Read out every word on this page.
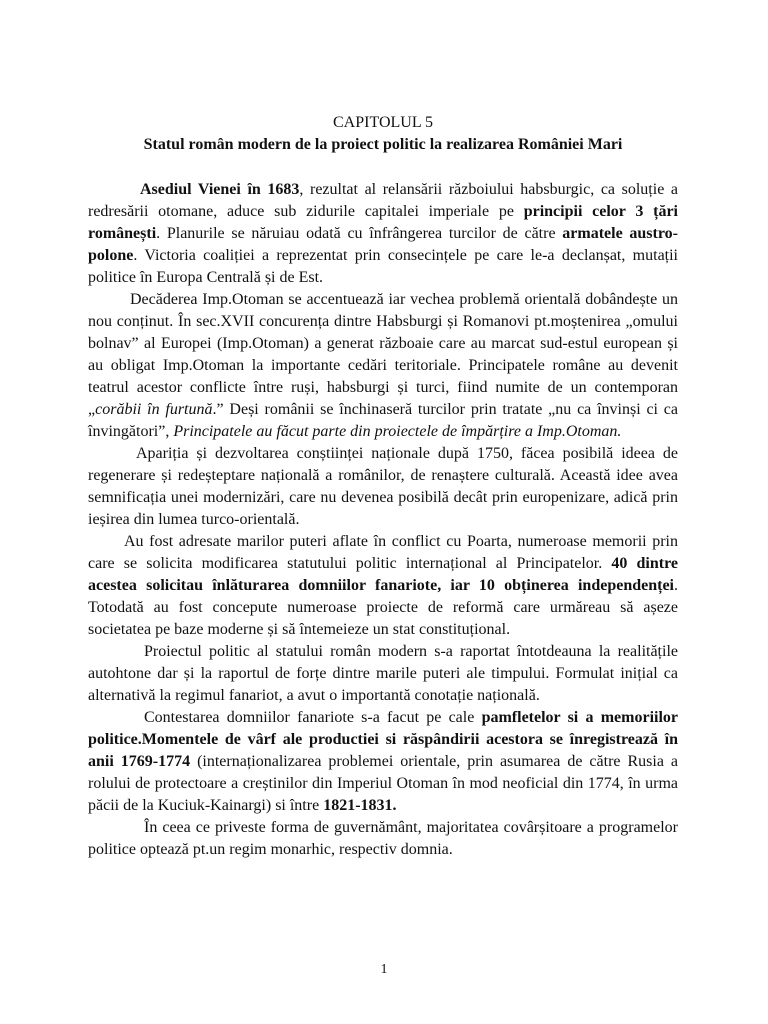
CAPITOLUL 5
Statul român modern de la proiect politic la realizarea României Mari

Asediul Vienei în 1683, rezultat al relansării războiului habsburgic, ca soluție a redresării otomane, aduce sub zidurile capitalei imperiale pe principii celor 3 țări românești. Planurile se năruiau odată cu înfrângerea turcilor de către armatele austro-polone. Victoria coaliției a reprezentat prin consecințele pe care le-a declanșat, mutații politice în Europa Centrală și de Est.

Decăderea Imp.Otoman se accentuează iar vechea problemă orientală dobândește un nou conținut. În sec.XVII concurența dintre Habsburgi și Romanovi pt.moștenirea „omului bolnav” al Europei (Imp.Otoman) a generat războaie care au marcat sud-estul european și au obligat Imp.Otoman la importante cedări teritoriale. Principatele române au devenit teatrul acestor conflicte între ruși, habsburgi și turci, fiind numite de un contemporan „corăbii în furtună.” Deși românii se închinaseră turcilor prin tratate „nu ca învinși ci ca învingători”, Principatele au făcut parte din proiectele de împărțire a Imp.Otoman.

Apariția și dezvoltarea conștiinței naționale după 1750, făcea posibilă ideea de regenerare și redeșteptare națională a românilor, de renaștere culturală. Această idee avea semnificația unei modernizări, care nu devenea posibilă decât prin europenizare, adică prin ieșirea din lumea turco-orientală.

Au fost adresate marilor puteri aflate în conflict cu Poarta, numeroase memorii prin care se solicita modificarea statutului politic internațional al Principatelor. 40 dintre acestea solicitau înlăturarea domniilor fanariote, iar 10 obținerea independenței. Totodată au fost concepute numeroase proiecte de reformă care urmăreau să așeze societatea pe baze moderne și să întemeieze un stat constituțional.

Proiectul politic al statului român modern s-a raportat întotdeauna la realitățile autohtone dar și la raportul de forțe dintre marile puteri ale timpului. Formulat inițial ca alternativă la regimul fanariot, a avut o importantă conotație națională.

Contestarea domniilor fanariote s-a facut pe cale pamfletelor si a memoriilor politice.Momentele de vârf ale productiei si răspândirii acestora se înregistrează în anii 1769-1774 (internaționalizarea problemei orientale, prin asumarea de către Rusia a rolului de protectoare a creștinilor din Imperiul Otoman în mod neoficial din 1774, în urma păcii de la Kuciuk-Kainargi) si între 1821-1831.

În ceea ce priveste forma de guvernământ, majoritatea covârșitoare a programelor politice optează pt.un regim monarhic, respectiv domnia.

1
